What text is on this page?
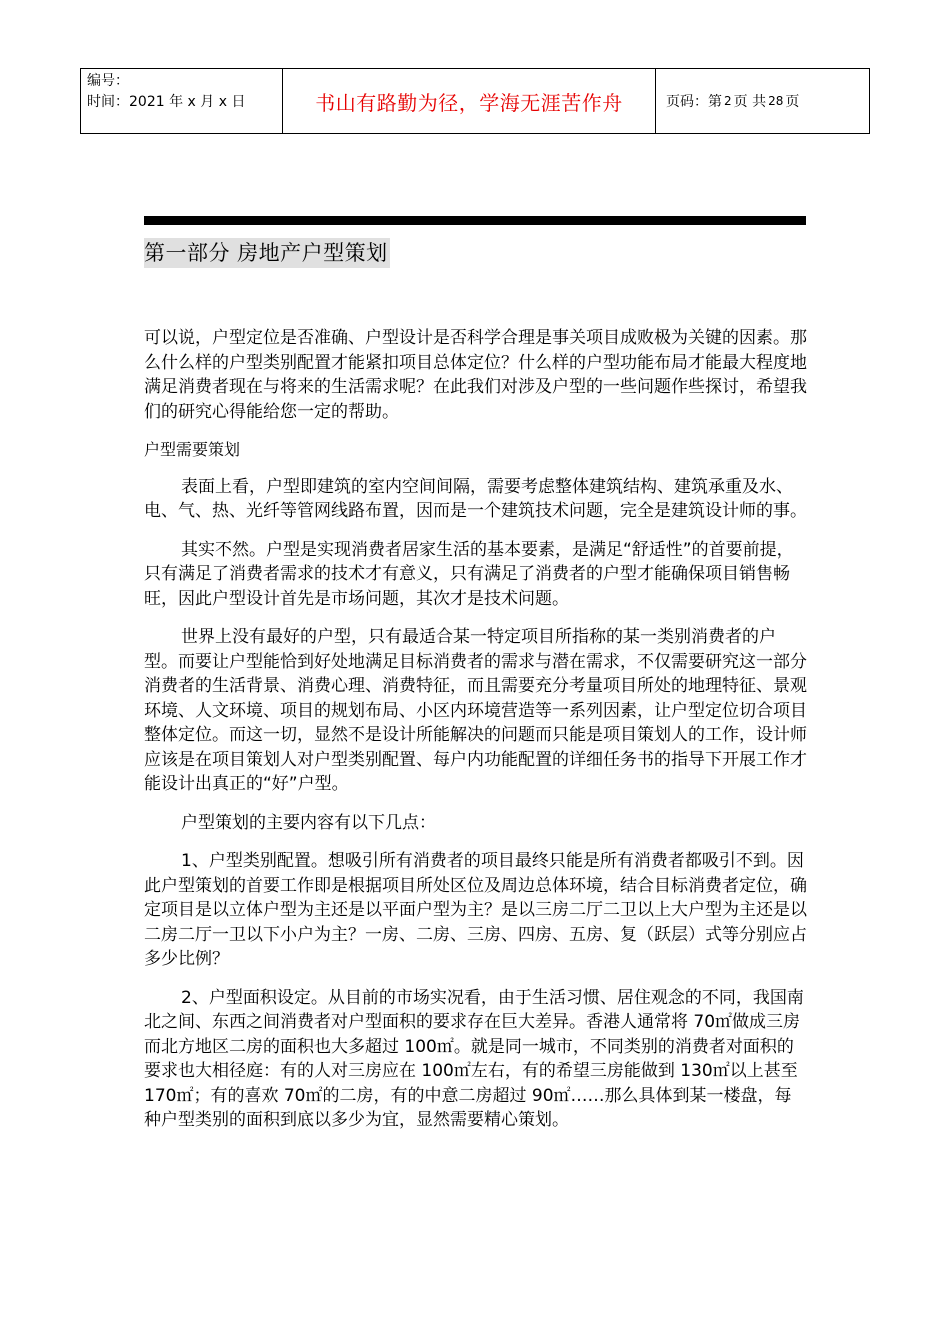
编号：
时间：2021 年 x 月 x 日	书山有路勤为径，学海无涯苦作舟	页码：第 2 页 共 28 页
第一部分 房地产户型策划

可以说，户型定位是否准确、户型设计是否科学合理是事关项目成败极为关键的因素。那么什么样的户型类别配置才能紧扣项目总体定位？什么样的户型功能布局才能最大程度地满足消费者现在与将来的生活需求呢？在此我们对涉及户型的一些问题作些探讨，希望我们的研究心得能给您一定的帮助。

户型需要策划

表面上看，户型即建筑的室内空间间隔，需要考虑整体建筑结构、建筑承重及水、电、气、热、光纤等管网线路布置，因而是一个建筑技术问题，完全是建筑设计师的事。

其实不然。户型是实现消费者居家生活的基本要素，是满足“舒适性”的首要前提，只有满足了消费者需求的技术才有意义，只有满足了消费者的户型才能确保项目销售畅旺，因此户型设计首先是市场问题，其次才是技术问题。

世界上没有最好的户型，只有最适合某一特定项目所指称的某一类别消费者的户型。而要让户型能恰到好处地满足目标消费者的需求与潜在需求，不仅需要研究这一部分消费者的生活背景、消费心理、消费特征，而且需要充分考量项目所处的地理特征、景观环境、人文环境、项目的规划布局、小区内环境营造等一系列因素，让户型定位切合项目整体定位。而这一切，显然不是设计所能解决的问题而只能是项目策划人的工作，设计师应该是在项目策划人对户型类别配置、每户内功能配置的详细任务书的指导下开展工作才能设计出真正的“好”户型。

户型策划的主要内容有以下几点：

1、户型类别配置。想吸引所有消费者的项目最终只能是所有消费者都吸引不到。因此户型策划的首要工作即是根据项目所处区位及周边总体环境，结合目标消费者定位，确定项目是以立体户型为主还是以平面户型为主？是以三房二厅二卫以上大户型为主还是以二房二厅一卫以下小户为主？一房、二房、三房、四房、五房、复（跃层）式等分别应占多少比例？

2、户型面积设定。从目前的市场实况看，由于生活习惯、居住观念的不同，我国南北之间、东西之间消费者对户型面积的要求存在巨大差异。香港人通常将 70㎡做成三房而北方地区二房的面积也大多超过 100㎡。就是同一城市，不同类别的消费者对面积的要求也大相径庭：有的人对三房应在 100㎡左右，有的希望三房能做到 130㎡以上甚至 170㎡；有的喜欢 70㎡的二房，有的中意二房超过 90㎡……那么具体到某一楼盘，每种户型类别的面积到底以多少为宜，显然需要精心策划。
